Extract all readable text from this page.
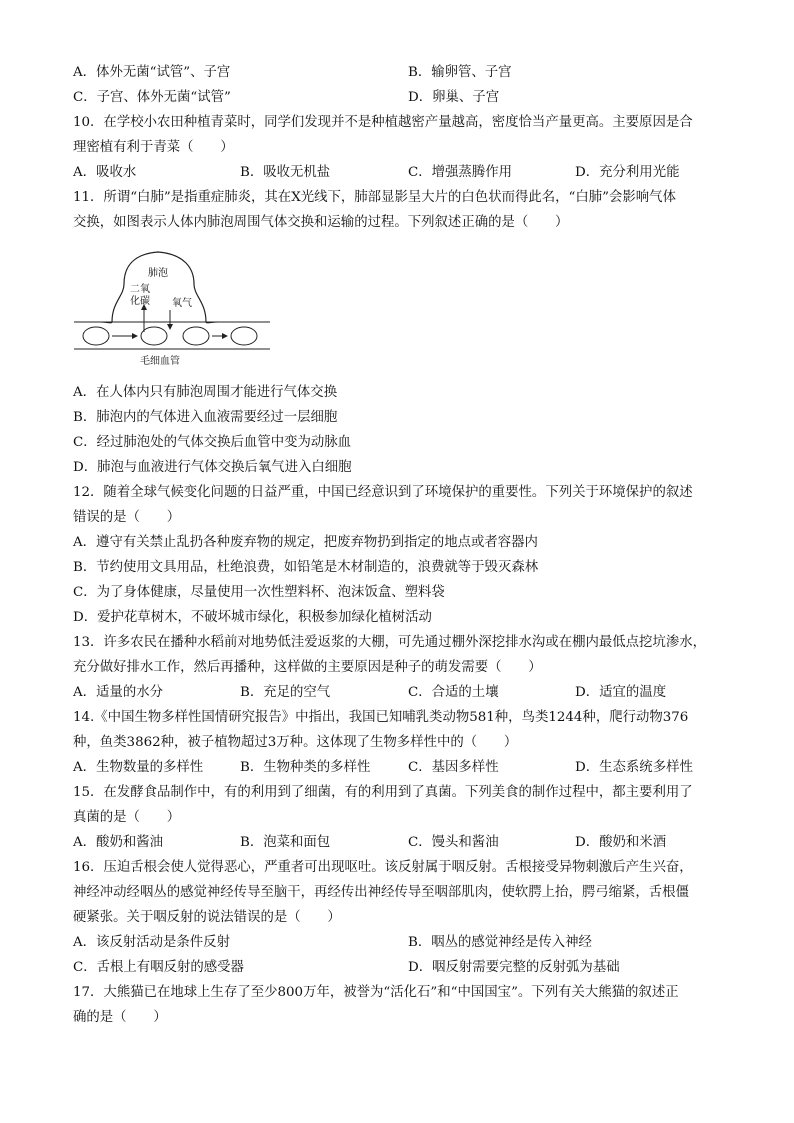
A．体外无菌“试管”、子宫	B．输卵管、子宫
C．子宫、体外无菌“试管”	D．卵巢、子宫
10．在学校小农田种植青菜时，同学们发现并不是种植越密产量越高，密度恰当产量更高。主要原因是合
理密植有利于青菜（　　）
A．吸收水	B．吸收无机盐	C．增强蒸腾作用	D．充分利用光能
11．所谓“白肺”是指重症肺炎，其在X光线下，肺部显影呈大片的白色状而得此名，“白肺”会影响气体
交换，如图表示人体内肺泡周围气体交换和运输的过程。下列叙述正确的是（　　）
肺泡
二氧
化碳 氧气
毛细血管
A．在人体内只有肺泡周围才能进行气体交换
B．肺泡内的气体进入血液需要经过一层细胞
C．经过肺泡处的气体交换后血管中变为动脉血
D．肺泡与血液进行气体交换后氧气进入白细胞
12．随着全球气候变化问题的日益严重，中国已经意识到了环境保护的重要性。下列关于环境保护的叙述
错误的是（　　）
A．遵守有关禁止乱扔各种废弃物的规定，把废弃物扔到指定的地点或者容器内
B．节约使用文具用品，杜绝浪费，如铅笔是木材制造的，浪费就等于毁灭森林
C．为了身体健康，尽量使用一次性塑料杯、泡沫饭盒、塑料袋
D．爱护花草树木，不破坏城市绿化，积极参加绿化植树活动
13．许多农民在播种水稻前对地势低洼爱返浆的大棚，可先通过棚外深挖排水沟或在棚内最低点挖坑渗水，
充分做好排水工作，然后再播种，这样做的主要原因是种子的萌发需要（　　）
A．适量的水分	B．充足的空气	C．合适的土壤	D．适宜的温度
14.《中国生物多样性国情研究报告》中指出，我国已知哺乳类动物581种，鸟类1244种，爬行动物376
种，鱼类3862种，被子植物超过3万种。这体现了生物多样性中的（　　）
A．生物数量的多样性	B．生物种类的多样性	C．基因多样性	D．生态系统多样性
15．在发酵食品制作中，有的利用到了细菌，有的利用到了真菌。下列美食的制作过程中，都主要利用了
真菌的是（　　）
A．酸奶和酱油	B．泡菜和面包	C．馒头和酱油	D．酸奶和米酒
16．压迫舌根会使人觉得恶心，严重者可出现呕吐。该反射属于咽反射。舌根接受异物刺激后产生兴奋，
神经冲动经咽丛的感觉神经传导至脑干，再经传出神经传导至咽部肌肉，使软腭上抬，腭弓缩紧，舌根僵
硬紧张。关于咽反射的说法错误的是（　　）
A．该反射活动是条件反射	B．咽丛的感觉神经是传入神经
C．舌根上有咽反射的感受器	D．咽反射需要完整的反射弧为基础
17．大熊猫已在地球上生存了至少800万年，被誉为“活化石”和“中国国宝”。下列有关大熊猫的叙述正
确的是（　　）
